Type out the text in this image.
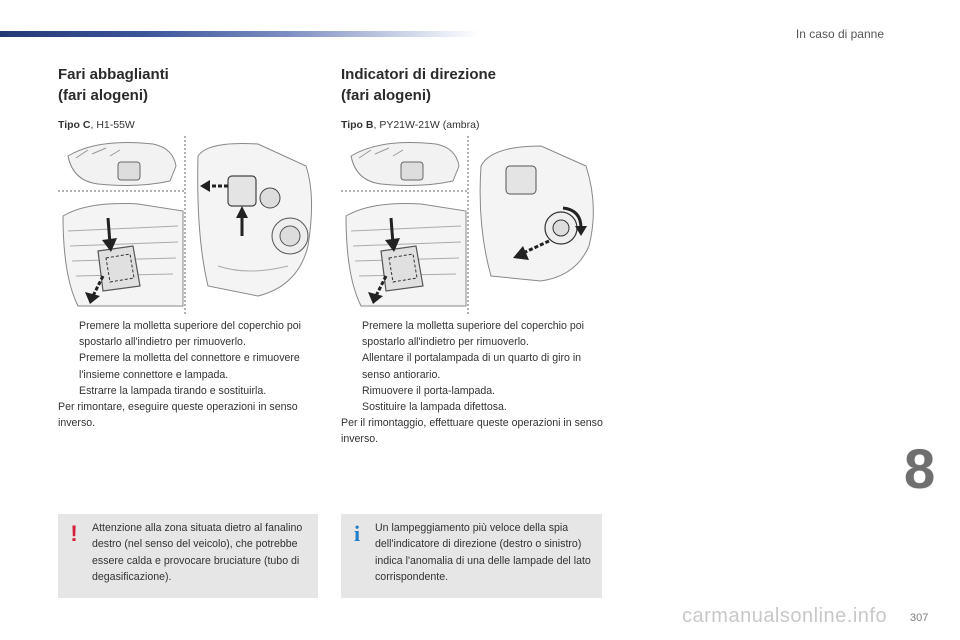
In caso di panne
Fari abbaglianti
(fari alogeni)
Tipo C, H1-55W
Premere la molletta superiore del coperchio poi spostarlo all'indietro per rimuoverlo.
Premere la molletta del connettore e rimuovere l'insieme connettore e lampada.
Estrarre la lampada tirando e sostituirla.

Per rimontare, eseguire queste operazioni in senso inverso.

Indicatori di direzione
(fari alogeni)
Tipo B, PY21W-21W (ambra)
Premere la molletta superiore del coperchio poi spostarlo all'indietro per rimuoverlo.
Allentare il portalampada di un quarto di giro in senso antiorario.
Rimuovere il porta-lampada.
Sostituire la lampada difettosa.

Per il rimontaggio, effettuare queste operazioni in senso inverso.

!	Attenzione alla zona situata dietro al fanalino destro (nel senso del veicolo), che potrebbe essere calda e provocare bruciature (tubo di degasificazione).
i	Un lampeggiamento più veloce della spia dell'indicatore di direzione (destro o sinistro) indica l'anomalia di una delle lampade del lato corrispondente.
8
carmanualsonline.info 307
